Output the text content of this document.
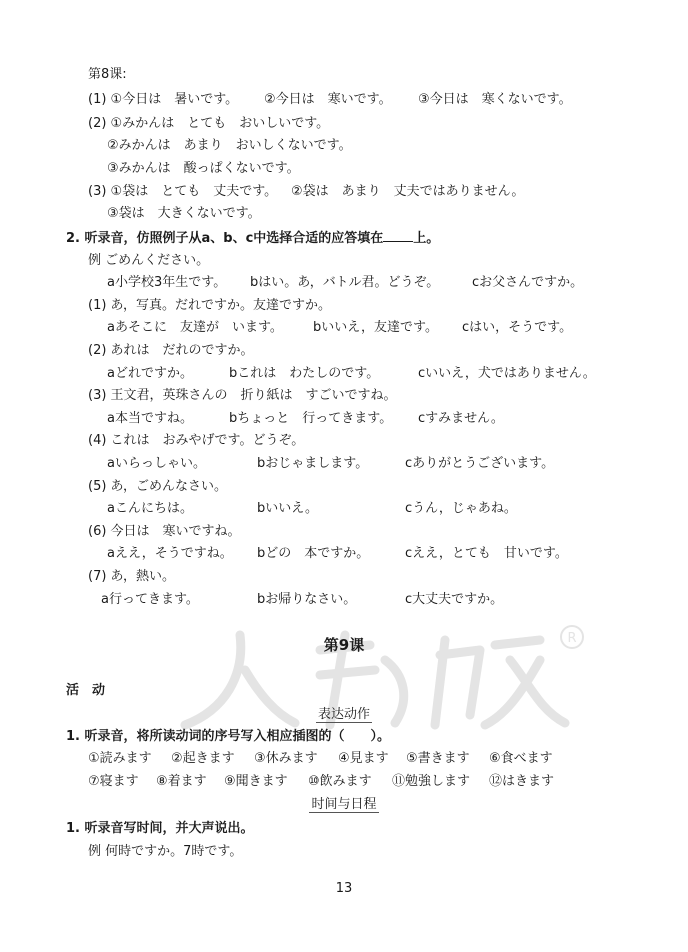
第8课:
(1) ①今日は　暑いです。 ②今日は　寒いです。 ③今日は　寒くないです。
(2) ①みかんは　とても　おいしいです。
②みかんは　あまり　おいしくないです。
③みかんは　酸っぱくないです。
(3) ①袋は　とても　丈夫です。 ②袋は　あまり　丈夫ではありません。
③袋は　大きくないです。
2. 听录音，仿照例子从a、b、c中选择合适的应答填在 上。
例 ごめんください。
a小学校3年生です。 bはい。あ，バトル君。どうぞ。	cお父さんですか。
(1) あ，写真。だれですか。友達ですか。
aあそこに　友達が　います。 bいいえ，友達です。 cはい，そうです。
(2) あれは　だれのですか。
aどれですか。	bこれは　わたしのです。	cいいえ，犬ではありません。
(3) 王文君，英珠さんの　折り紙は　すごいですね。
a本当ですね。	bちょっと　行ってきます。 cすみません。
(4) これは　おみやげです。どうぞ。
aいらっしゃい。	bおじゃまします。	cありがとうございます。
(5) あ，ごめんなさい。
aこんにちは。	bいいえ。	cうん，じゃあね。
(6) 今日は　寒いですね。
aええ，そうですね。 bどの　本ですか。	cええ，とても　甘いです。
(7) あ，熱い。
a行ってきます。	bお帰りなさい。	c大丈夫ですか。
R
人教版
第9课
活　动
表达动作
1. 听录音，将所读动词的序号写入相应插图的（　　）。
①読みます ②起きます ③休みます ④見ます ⑤書きます ⑥食べます
⑦寝ます ⑧着ます ⑨聞きます ⑩飲みます ⑪勉強します ⑫はきます
时间与日程
1. 听录音写时间，并大声说出。
例 何時ですか。7時です。
13
